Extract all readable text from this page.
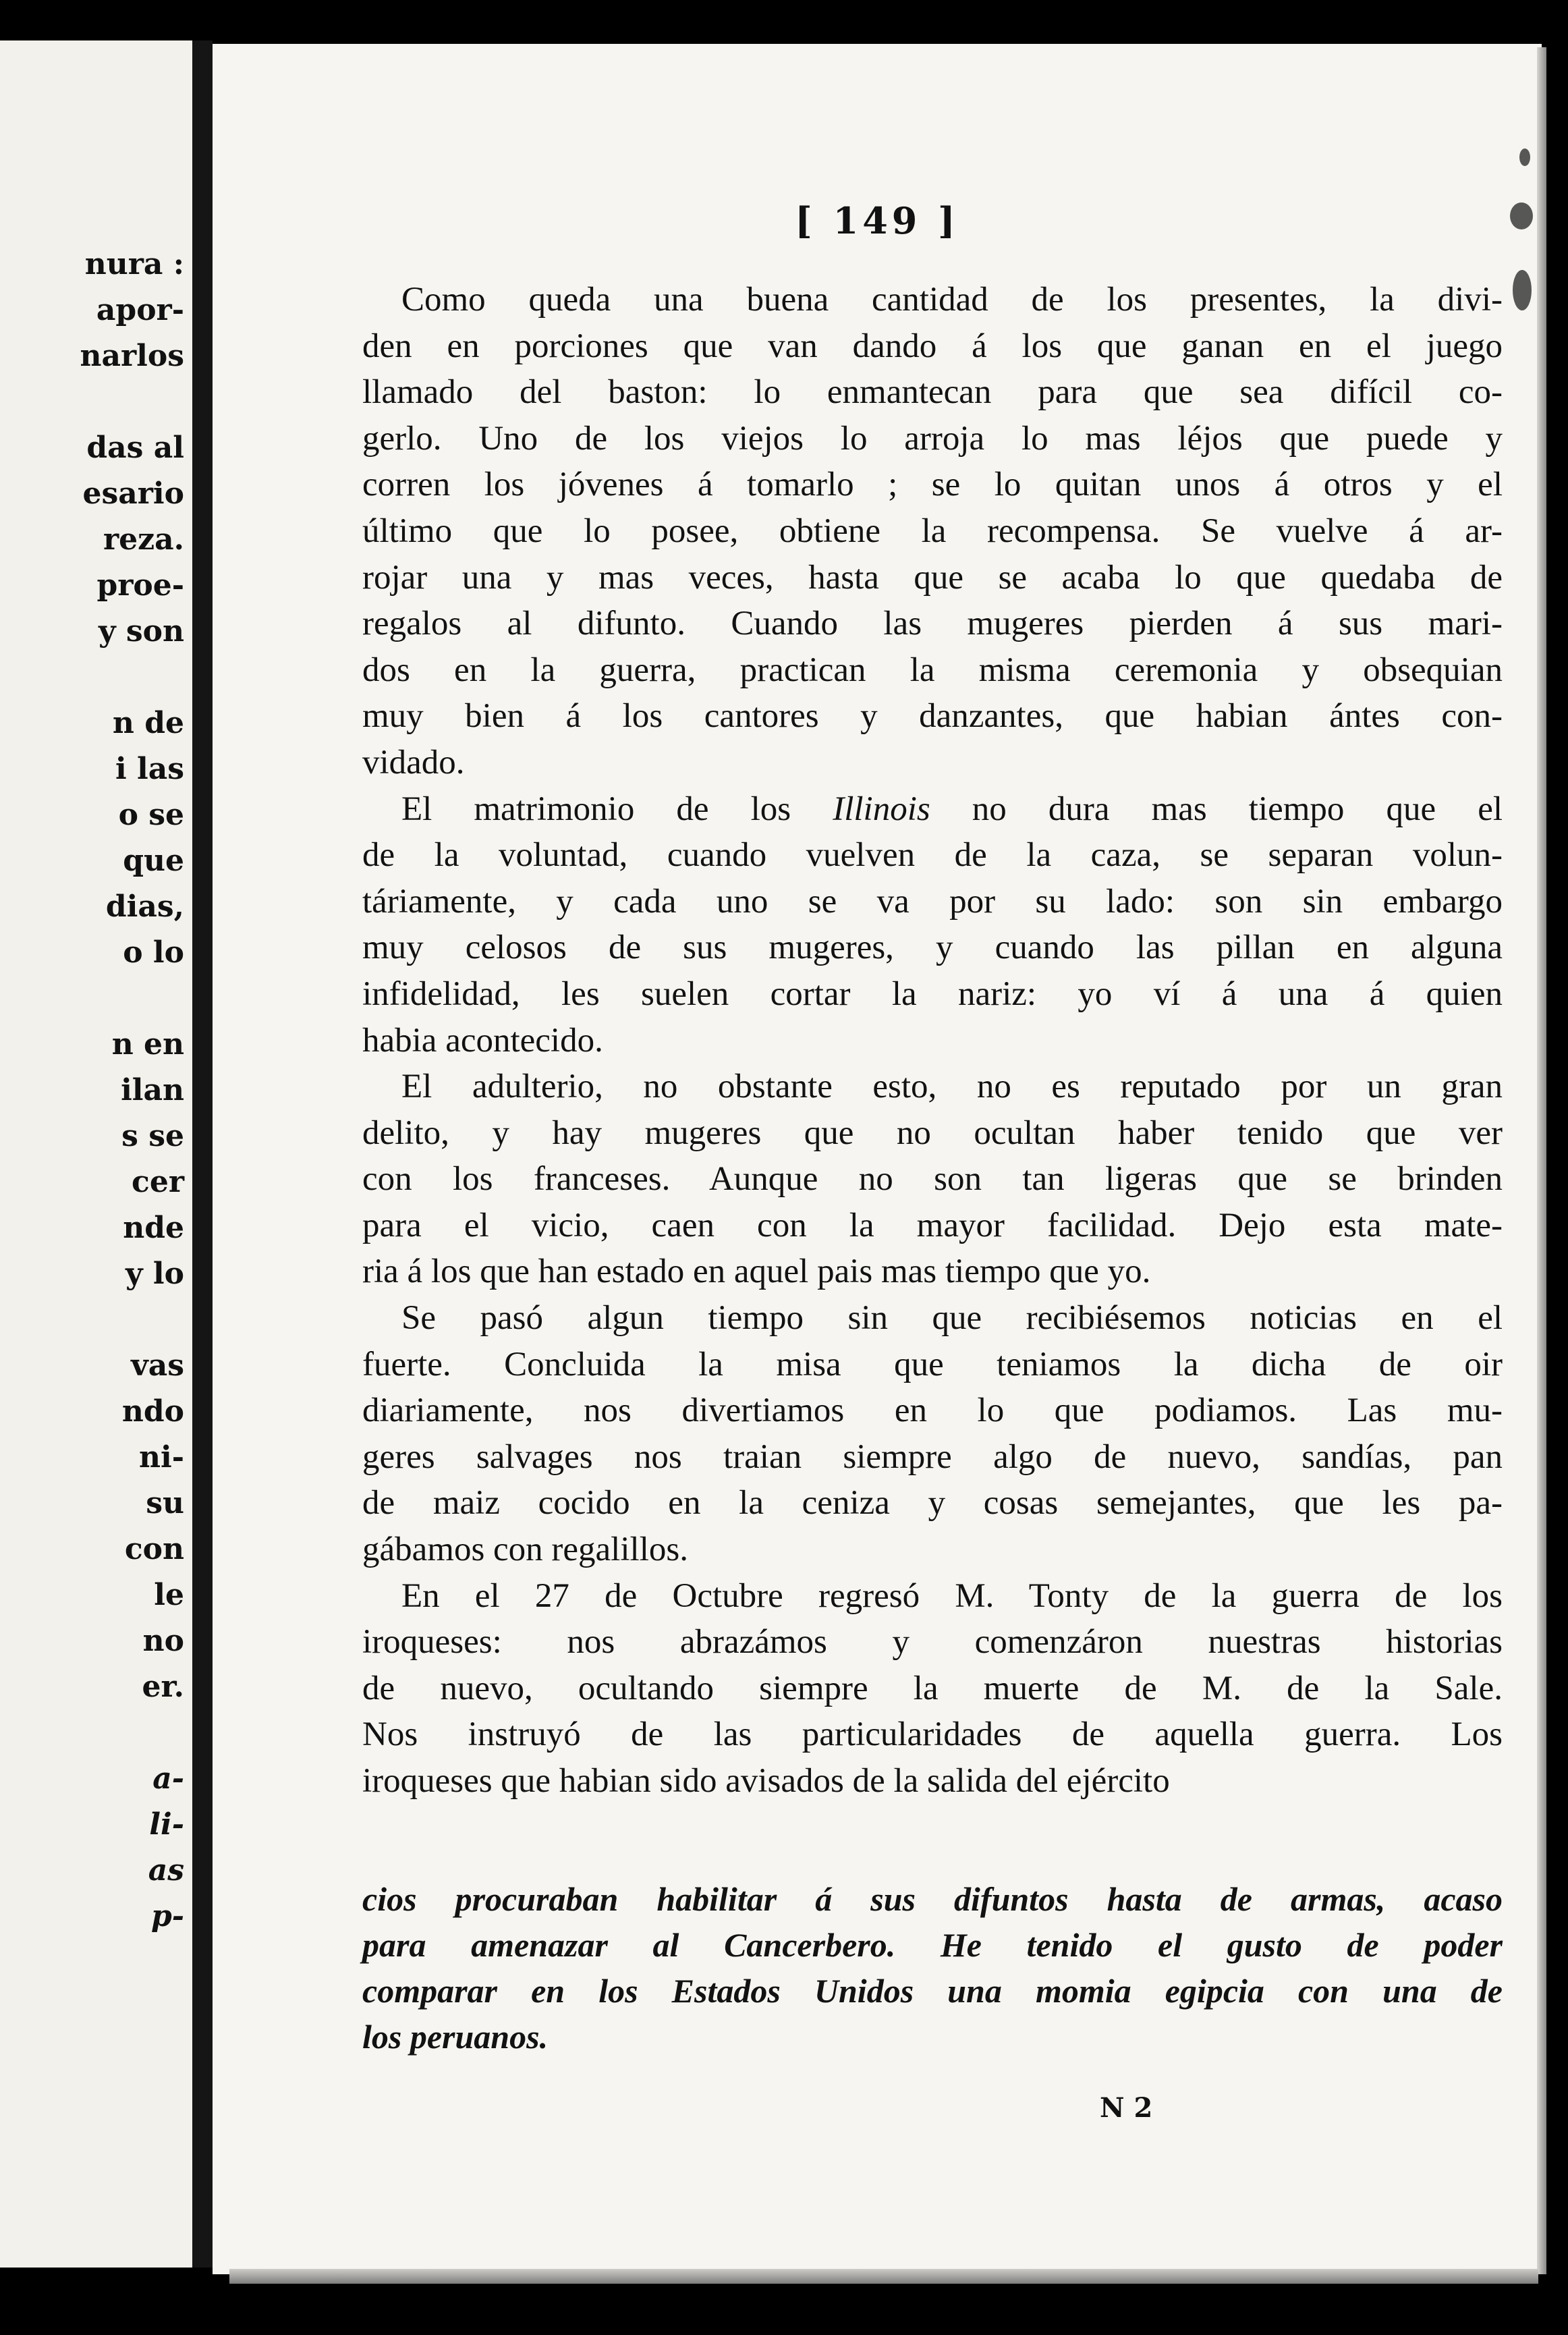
nura :
apor-
narlos
das al
esario
reza.
proe-
y son
n de
i las
o se
que
dias,
o lo
n en
ilan
s se
cer
nde
y lo
vas
ndo
ni-
su
con
le
no
er.
a-
li-
as
p-
[ 149 ]
Como queda una buena cantidad de los presentes, la divi-
den en porciones que van dando á los que ganan en el juego
llamado del baston: lo enmantecan para que sea difícil co-
gerlo. Uno de los viejos lo arroja lo mas léjos que puede y
corren los jóvenes á tomarlo ; se lo quitan unos á otros y el
último que lo posee, obtiene la recompensa. Se vuelve á ar-
rojar una y mas veces, hasta que se acaba lo que quedaba de
regalos al difunto. Cuando las mugeres pierden á sus mari-
dos en la guerra, practican la misma ceremonia y obsequian
muy bien á los cantores y danzantes, que habian ántes con-
vidado.
El matrimonio de los Illinois no dura mas tiempo que el
de la voluntad, cuando vuelven de la caza, se separan volun-
táriamente, y cada uno se va por su lado: son sin embargo
muy celosos de sus mugeres, y cuando las pillan en alguna
infidelidad, les suelen cortar la nariz: yo ví á una á quien
habia acontecido.
El adulterio, no obstante esto, no es reputado por un gran
delito, y hay mugeres que no ocultan haber tenido que ver
con los franceses. Aunque no son tan ligeras que se brinden
para el vicio, caen con la mayor facilidad. Dejo esta mate-
ria á los que han estado en aquel pais mas tiempo que yo.
Se pasó algun tiempo sin que recibiésemos noticias en el
fuerte. Concluida la misa que teniamos la dicha de oir
diariamente, nos divertiamos en lo que podiamos. Las mu-
geres salvages nos traian siempre algo de nuevo, sandías, pan
de maiz cocido en la ceniza y cosas semejantes, que les pa-
gábamos con regalillos.
En el 27 de Octubre regresó M. Tonty de la guerra de los
iroqueses: nos abrazámos y comenzáron nuestras historias
de nuevo, ocultando siempre la muerte de M. de la Sale.
Nos instruyó de las particularidades de aquella guerra. Los
iroqueses que habian sido avisados de la salida del ejército
cios procuraban habilitar á sus difuntos hasta de armas, acaso
para amenazar al Cancerbero. He tenido el gusto de poder
comparar en los Estados Unidos una momia egipcia con una de
los peruanos.
N 2
